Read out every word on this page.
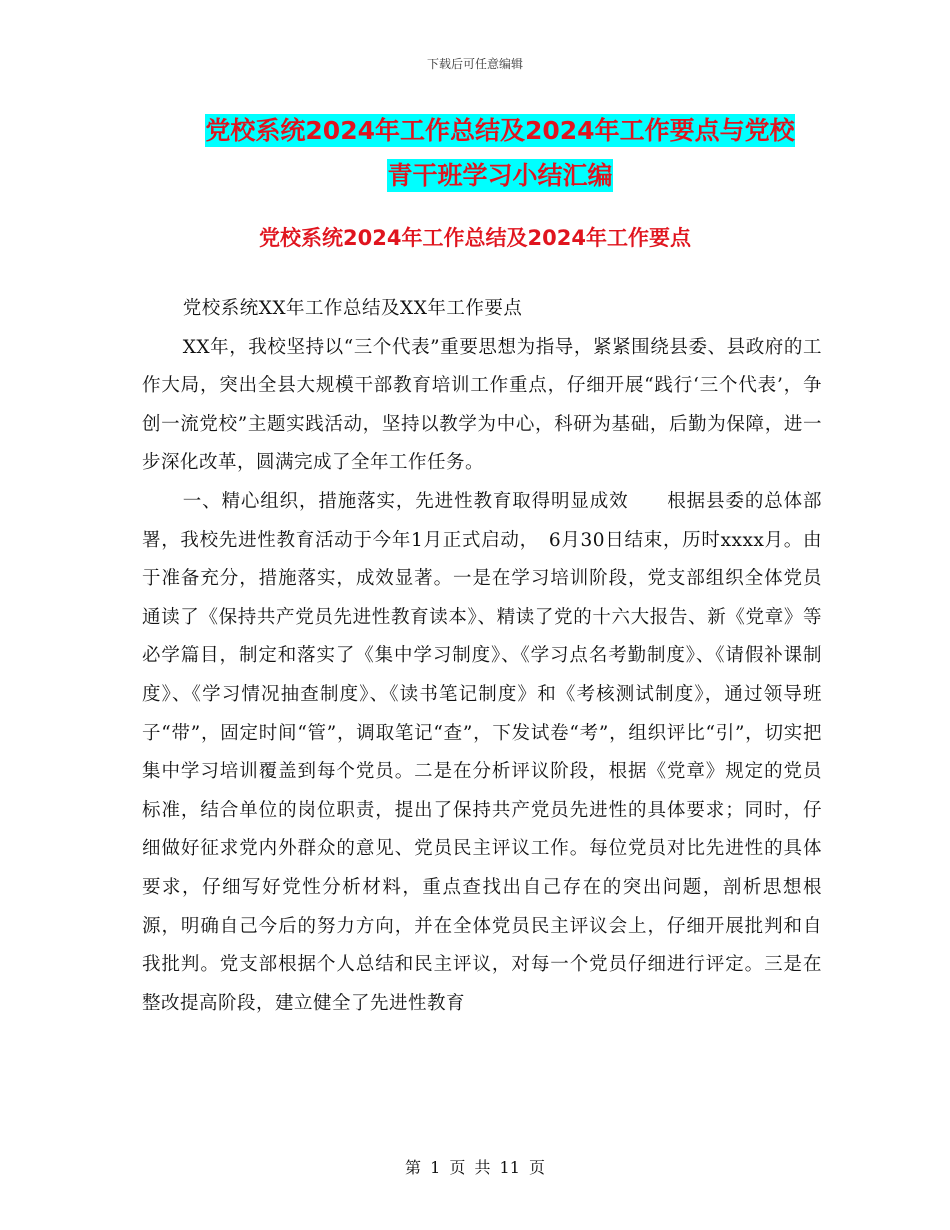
下载后可任意编辑
党校系统2024年工作总结及2024年工作要点与党校
青干班学习小结汇编
党校系统2024年工作总结及2024年工作要点

党校系统XX年工作总结及XX年工作要点

XX年，我校坚持以“三个代表”重要思想为指导，紧紧围绕县委、县政府的工作大局，突出全县大规模干部教育培训工作重点，仔细开展“践行‘三个代表’，争创一流党校”主题实践活动，坚持以教学为中心，科研为基础，后勤为保障，进一步深化改革，圆满完成了全年工作任务。

一、精心组织，措施落实，先进性教育取得明显成效　　根据县委的总体部署，我校先进性教育活动于今年1月正式启动，　6月30日结束，历时xxxx月。由于准备充分，措施落实，成效显著。一是在学习培训阶段，党支部组织全体党员通读了《保持共产党员先进性教育读本》、精读了党的十六大报告、新《党章》等必学篇目，制定和落实了《集中学习制度》、《学习点名考勤制度》、《请假补课制度》、《学习情况抽查制度》、《读书笔记制度》和《考核测试制度》，通过领导班子“带”，固定时间“管”，调取笔记“查”，下发试卷“考”，组织评比“引”，切实把集中学习培训覆盖到每个党员。二是在分析评议阶段，根据《党章》规定的党员标准，结合单位的岗位职责，提出了保持共产党员先进性的具体要求；同时，仔细做好征求党内外群众的意见、党员民主评议工作。每位党员对比先进性的具体要求，仔细写好党性分析材料，重点查找出自己存在的突出问题，剖析思想根源，明确自己今后的努力方向，并在全体党员民主评议会上，仔细开展批判和自我批判。党支部根据个人总结和民主评议，对每一个党员仔细进行评定。三是在整改提高阶段，建立健全了先进性教育

第 1 页 共 11 页
